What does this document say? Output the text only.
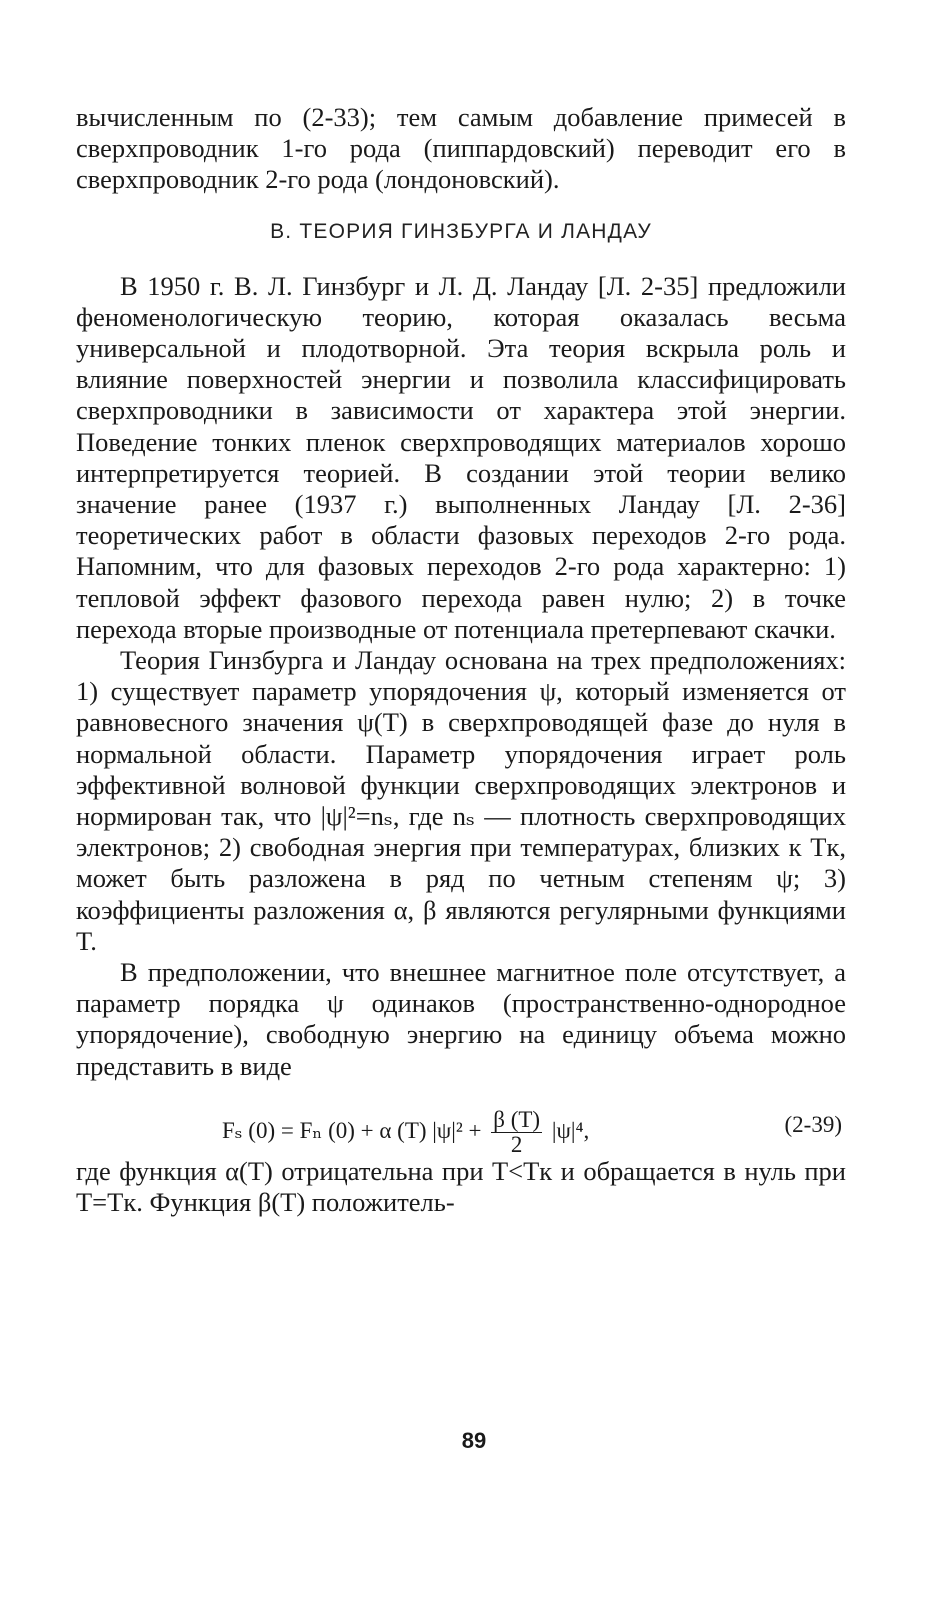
вычисленным по (2-33); тем самым добавление примесей в сверхпроводник 1-го рода (пиппардовский) переводит его в сверхпроводник 2-го рода (лондоновский).

В. ТЕОРИЯ ГИНЗБУРГА И ЛАНДАУ

В 1950 г. В. Л. Гинзбург и Л. Д. Ландау [Л. 2-35] предложили феноменологическую теорию, которая оказалась весьма универсальной и плодотворной. Эта теория вскрыла роль и влияние поверхностей энергии и позволила классифицировать сверхпроводники в зависимости от характера этой энергии. Поведение тонких пленок сверхпроводящих материалов хорошо интерпретируется теорией. В создании этой теории велико значение ранее (1937 г.) выполненных Ландау [Л. 2-36] теоретических работ в области фазовых переходов 2-го рода. Напомним, что для фазовых переходов 2-го рода характерно: 1) тепловой эффект фазового перехода равен нулю; 2) в точке перехода вторые производные от потенциала претерпевают скачки.

Теория Гинзбурга и Ландау основана на трех предположениях: 1) существует параметр упорядочения ψ, который изменяется от равновесного значения ψ(T) в сверхпроводящей фазе до нуля в нормальной области. Параметр упорядочения играет роль эффективной волновой функции сверхпроводящих электронов и нормирован так, что |ψ|²=nₛ, где nₛ — плотность сверхпроводящих электронов; 2) свободная энергия при температурах, близких к Tк, может быть разложена в ряд по четным степеням ψ; 3) коэффициенты разложения α, β являются регулярными функциями T.

В предположении, что внешнее магнитное поле отсутствует, а параметр порядка ψ одинаков (пространственно-однородное упорядочение), свободную энергию на единицу объема можно представить в виде

Fₛ (0) = Fₙ (0) + α (T) $|\psi|^2 + \frac{\beta (T)}{2} |\psi|^4$,	(2-39)

где функция α(T) отрицательна при T<Tк и обращается в нуль при T=Tк. Функция β(T) положитель-

89
